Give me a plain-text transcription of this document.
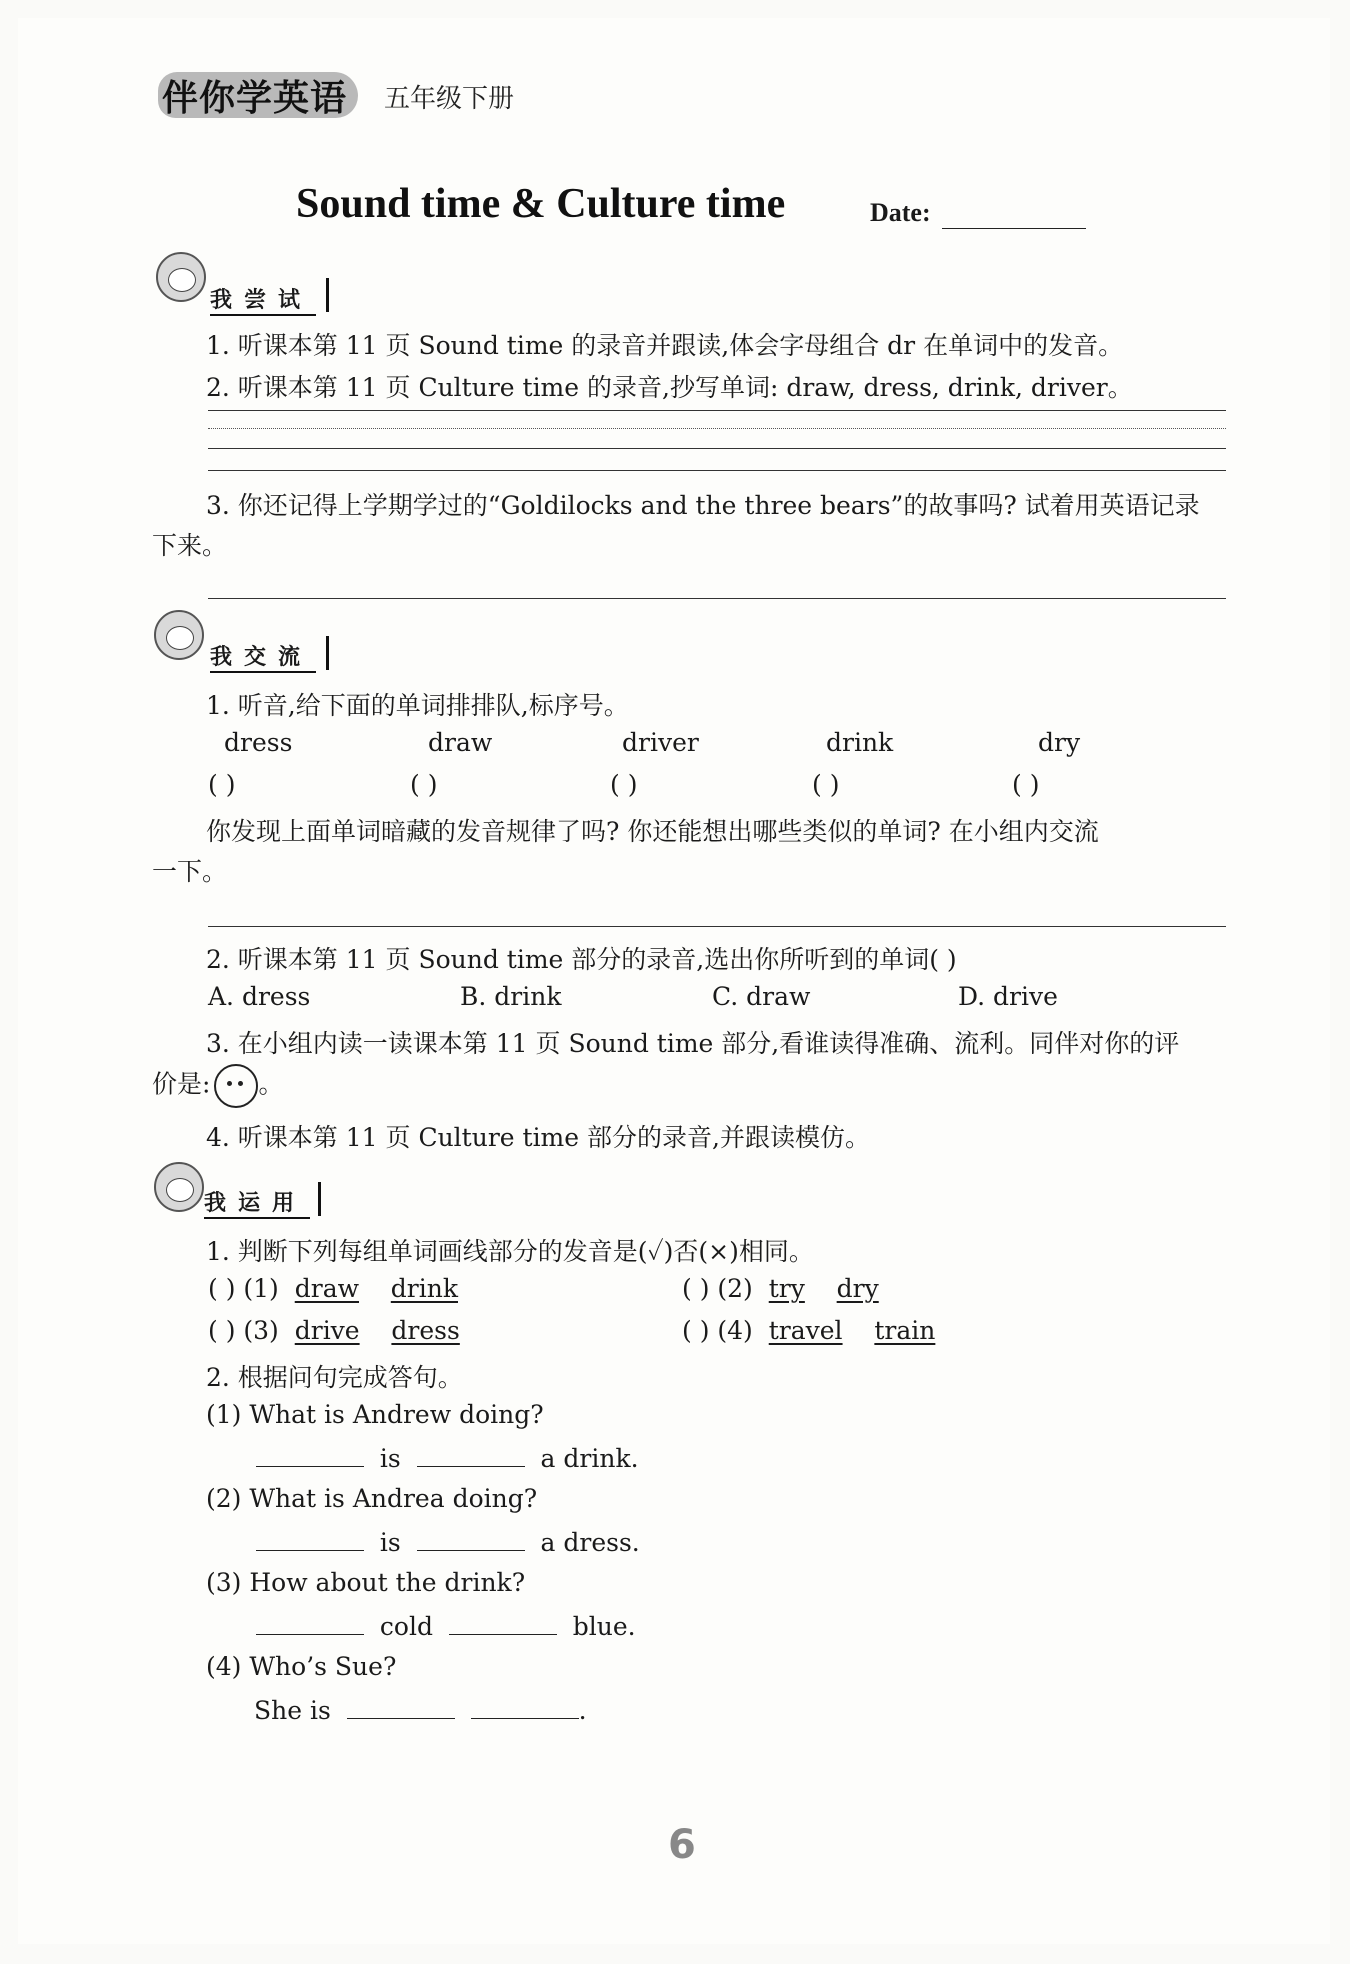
伴你学英语 五年级下册
Sound time & Culture time	Date:
我尝试
1. 听课本第 11 页 Sound time 的录音并跟读,体会字母组合 dr 在单词中的发音。
2. 听课本第 11 页 Culture time 的录音,抄写单词: draw, dress, drink, driver。
3. 你还记得上学期学过的“Goldilocks and the three bears”的故事吗? 试着用英语记录
下来。
我交流
1. 听音,给下面的单词排排队,标序号。
dress	draw	driver	drink	dry
( )	( )	( )	( )	( )
你发现上面单词暗藏的发音规律了吗? 你还能想出哪些类似的单词? 在小组内交流
一下。
2. 听课本第 11 页 Sound time 部分的录音,选出你所听到的单词( )
A. dress	B. drink	C. draw	D. drive
3. 在小组内读一读课本第 11 页 Sound time 部分,看谁读得准确、流利。同伴对你的评
价是: 。
4. 听课本第 11 页 Culture time 部分的录音,并跟读模仿。
我运用
1. 判断下列每组单词画线部分的发音是(✓)否(×)相同。
( ) (1) draw drink	( ) (2) try dry
( ) (3) drive dress	( ) (4) travel train
2. 根据问句完成答句。
(1) What is Andrew doing?
is	a drink.
(2) What is Andrea doing?
is	a dress.
(3) How about the drink?
cold	blue.
(4) Who’s Sue?
She is	.
6
